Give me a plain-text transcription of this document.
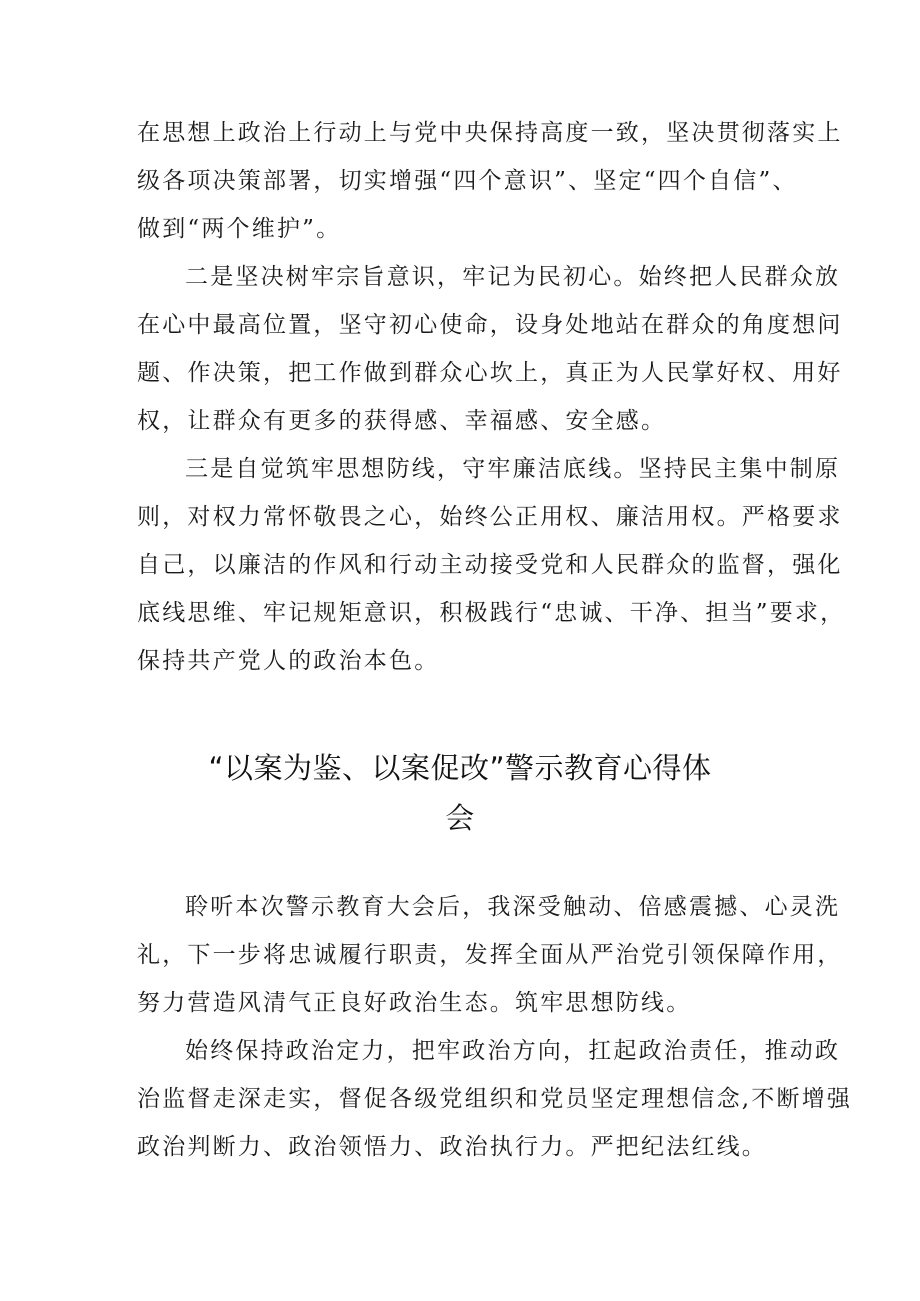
在思想上政治上行动上与党中央保持高度一致，坚决贯彻落实上
级各项决策部署，切实增强“四个意识”、坚定“四个自信”、
做到“两个维护”。
二是坚决树牢宗旨意识，牢记为民初心。始终把人民群众放
在心中最高位置，坚守初心使命，设身处地站在群众的角度想问
题、作决策，把工作做到群众心坎上，真正为人民掌好权、用好
权，让群众有更多的获得感、幸福感、安全感。
三是自觉筑牢思想防线，守牢廉洁底线。坚持民主集中制原
则，对权力常怀敬畏之心，始终公正用权、廉洁用权。严格要求
自己，以廉洁的作风和行动主动接受党和人民群众的监督，强化
底线思维、牢记规矩意识，积极践行“忠诚、干净、担当”要求，
保持共产党人的政治本色。
“以案为鉴、以案促改”警示教育心得体
会
聆听本次警示教育大会后，我深受触动、倍感震撼、心灵洗
礼，下一步将忠诚履行职责，发挥全面从严治党引领保障作用，
努力营造风清气正良好政治生态。筑牢思想防线。
始终保持政治定力，把牢政治方向，扛起政治责任，推动政
治监督走深走实，督促各级党组织和党员坚定理想信念,不断增强
政治判断力、政治领悟力、政治执行力。严把纪法红线。
